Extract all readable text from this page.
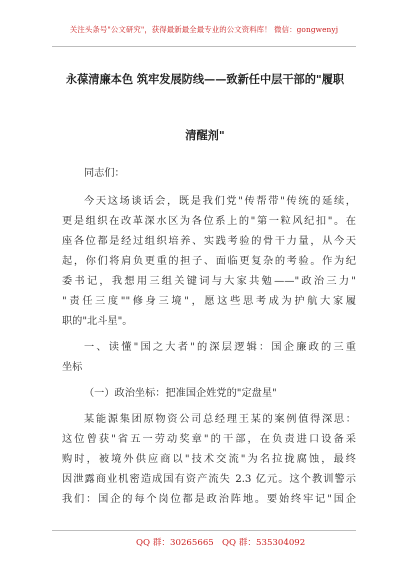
关注头条号"公文研究"，获得最新最全最专业的公文资料库！ 微信：gongwenyj
永葆清廉本色 筑牢发展防线——致新任中层干部的"履职
清醒剂"
同志们：
今天这场谈话会，既是我们党"传帮带"传统的延续，
更是组织在改革深水区为各位系上的"第一粒风纪扣"。在
座各位都是经过组织培养、实践考验的骨干力量，从今天
起，你们将肩负更重的担子、面临更复杂的考验。作为纪
委书记，我想用三组关键词与大家共勉——"政治三力"
"责任三度""修身三境"，愿这些思考成为护航大家履
职的"北斗星"。
一、读懂"国之大者"的深层逻辑：国企廉政的三重
坐标
（一）政治坐标：把准国企姓党的"定盘星"
某能源集团原物资公司总经理王某的案例值得深思：
这位曾获"省五一劳动奖章"的干部，在负责进口设备采
购时，被境外供应商以"技术交流"为名拉拢腐蚀，最终
因泄露商业机密造成国有资产流失 2.3 亿元。这个教训警示
我们：国企的每个岗位都是政治阵地。要始终牢记"国企
QQ 群：30265665 QQ 群：535304092
